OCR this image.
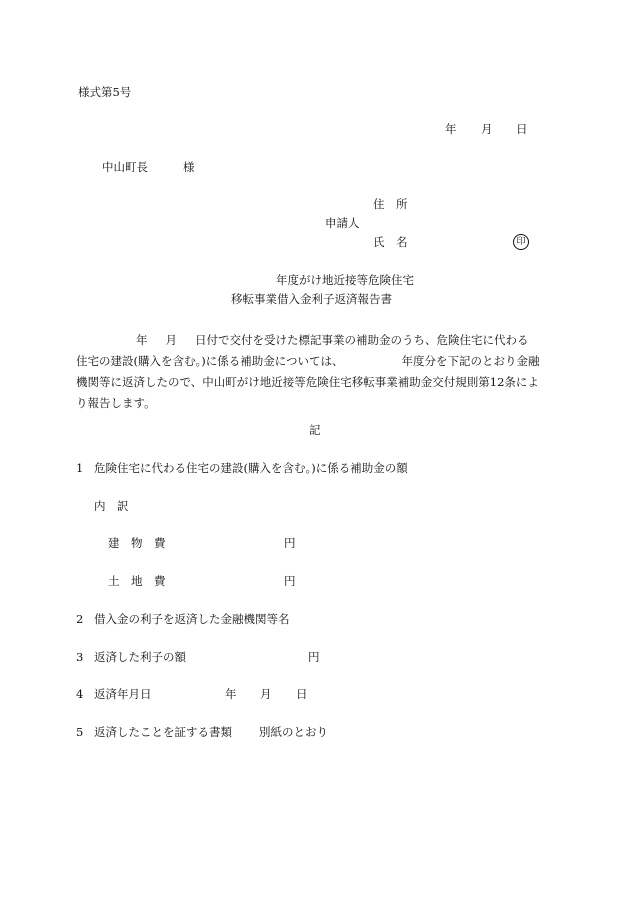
様式第5号
年 月 日
中山町長	様
住　所
申請人
氏　名	印
年度がけ地近接等危険住宅
移転事業借入金利子返済報告書
年 月 日付で交付を受けた標記事業の補助金のうち、危険住宅に代わる
住宅の建設(購入を含む。)に係る補助金については、	年度分を下記のとおり金融
機関等に返済したので、中山町がけ地近接等危険住宅移転事業補助金交付規則第12条によ
り報告します。
記
1 危険住宅に代わる住宅の建設(購入を含む。)に係る補助金の額
内　訳
建　物　費	円
土　地　費	円
2 借入金の利子を返済した金融機関等名
3 返済した利子の額	円
4 返済年月日	年 月 日
5 返済したことを証する書類 別紙のとおり
